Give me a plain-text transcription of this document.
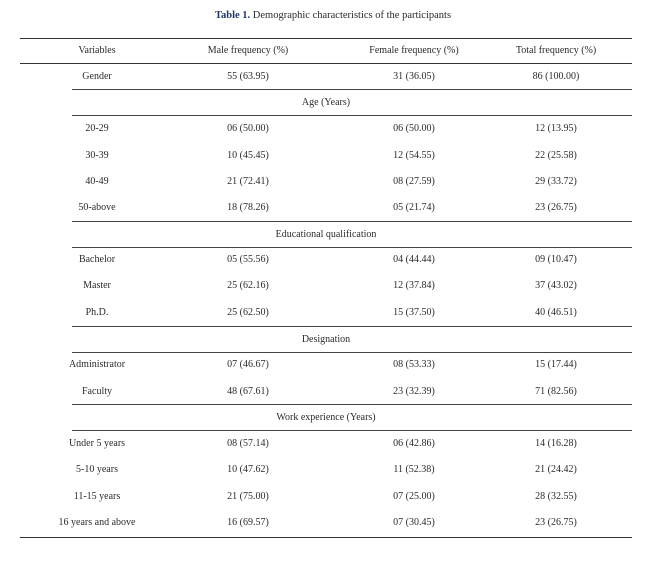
Table 1. Demographic characteristics of the participants
Variables	Male frequency (%)	Female frequency (%)	Total frequency (%)
Gender	55 (63.95)	31 (36.05)	86 (100.00)
Age (Years)
20-29	06 (50.00)	06 (50.00)	12 (13.95)
30-39	10 (45.45)	12 (54.55)	22 (25.58)
40-49	21 (72.41)	08 (27.59)	29 (33.72)
50-above	18 (78.26)	05 (21.74)	23 (26.75)
Educational qualification
Bachelor	05 (55.56)	04 (44.44)	09 (10.47)
Master	25 (62.16)	12 (37.84)	37 (43.02)
Ph.D.	25 (62.50)	15 (37.50)	40 (46.51)
Designation
Administrator	07 (46.67)	08 (53.33)	15 (17.44)
Faculty	48 (67.61)	23 (32.39)	71 (82.56)
Work experience (Years)
Under 5 years	08 (57.14)	06 (42.86)	14 (16.28)
5-10 years	10 (47.62)	11 (52.38)	21 (24.42)
11-15 years	21 (75.00)	07 (25.00)	28 (32.55)
16 years and above	16 (69.57)	07 (30.45)	23 (26.75)
